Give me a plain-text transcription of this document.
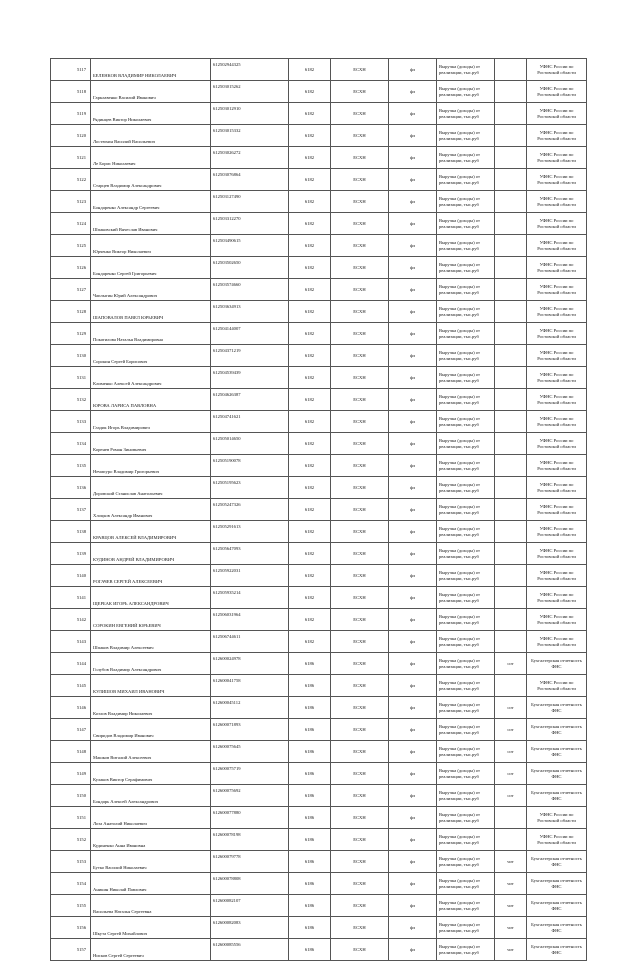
5117	БЕЛЕНКОВ ВЛАДИМИР НИКОЛАЕВИЧ	612502944325	6182	ЕСХН	фл	Выручка (доходы) от реализации, тыс.руб		УФНС России по Ростовской области
5118	Гарклавенко Василий Иванович	612503015262	6182	ЕСХН	фл	Выручка (доходы) от реализации, тыс.руб		УФНС России по Ростовской области
5119	Рядинцев Виктор Николаевич	612503012910	6182	ЕСХН	фл	Выручка (доходы) от реализации, тыс.руб		УФНС России по Ростовской области
5120	Лостюхин Василий Васильевич	612503015332	6182	ЕСХН	фл	Выручка (доходы) от реализации, тыс.руб		УФНС России по Ростовской области
5121	Ле Борис Николаевич	612503026272	6182	ЕСХН	фл	Выручка (доходы) от реализации, тыс.руб		УФНС России по Ростовской области
5122	Старцев Владимир Александрович	612503076864	6182	ЕСХН	фл	Выручка (доходы) от реализации, тыс.руб		УФНС России по Ростовской области
5123	Бондаренко Александр Сергеевич	612503127490	6182	ЕСХН	фл	Выручка (доходы) от реализации, тыс.руб		УФНС России по Ростовской области
5124	Шпаковский Вячеслав Иванович	612503312270	6182	ЕСХН	фл	Выручка (доходы) от реализации, тыс.руб		УФНС России по Ростовской области
5125	Юрченко Виктор Николаевич	612503490615	6182	ЕСХН	фл	Выручка (доходы) от реализации, тыс.руб		УФНС России по Ростовской области
5126	Бондаренко Сергей Григорьевич	612503502650	6182	ЕСХН	фл	Выручка (доходы) от реализации, тыс.руб		УФНС России по Ростовской области
5127	Чаплыгин Юрий Александрович	612503574660	6182	ЕСХН	фл	Выручка (доходы) от реализации, тыс.руб		УФНС России по Ростовской области
5128	ШАПОВАЛОВ ПАВЕЛ ЮРЬЕВИЧ	612503634913	6182	ЕСХН	фл	Выручка (доходы) от реализации, тыс.руб		УФНС России по Ростовской области
5129	Покатилова Наталья Владимировна	612504144007	6182	ЕСХН	фл	Выручка (доходы) от реализации, тыс.руб		УФНС России по Ростовской области
5130	Сорокин Сергей Борисович	612504371219	6182	ЕСХН	фл	Выручка (доходы) от реализации, тыс.руб		УФНС России по Ростовской области
5131	Клименко Алексей Александрович	612504539439	6182	ЕСХН	фл	Выручка (доходы) от реализации, тыс.руб		УФНС России по Ростовской области
5132	ЮРОВА ЛАРИСА ПАВЛОВНА	612504626387	6182	ЕСХН	фл	Выручка (доходы) от реализации, тыс.руб		УФНС России по Ростовской области
5133	Гладик Игорь Владимирович	612504741621	6182	ЕСХН	фл	Выручка (доходы) от реализации, тыс.руб		УФНС России по Ростовской области
5134	Коренев Роман Зиновьевич	612505014650	6182	ЕСХН	фл	Выручка (доходы) от реализации, тыс.руб		УФНС России по Ростовской области
5135	Нечипуро Владимир Григорьевич	612505190078	6182	ЕСХН	фл	Выручка (доходы) от реализации, тыс.руб		УФНС России по Ростовской области
5136	Доровский Станислав Анатольевич	612505195623	6182	ЕСХН	фл	Выручка (доходы) от реализации, тыс.руб		УФНС России по Ростовской области
5137	Хлоцков Александр Иванович	612505247326	6182	ЕСХН	фл	Выручка (доходы) от реализации, тыс.руб		УФНС России по Ростовской области
5138	КРАВЦОВ АЛЕКСЕЙ ВЛАДИМИРОВИЧ	612505291613	6182	ЕСХН	фл	Выручка (доходы) от реализации, тыс.руб		УФНС России по Ростовской области
5139	КУДИНОВ АНДРЕЙ ВЛАДИМИРОВИЧ	612505647093	6182	ЕСХН	фл	Выручка (доходы) от реализации, тыс.руб		УФНС России по Ростовской области
5140	РОГАЧЕВ СЕРГЕЙ АЛЕКСЕЕВИЧ	612505922031	6182	ЕСХН	фл	Выручка (доходы) от реализации, тыс.руб		УФНС России по Ростовской области
5141	ЩЕРБАК ИГОРЬ АЛЕКСАНДРОВИЧ	612505935214	6182	ЕСХН	фл	Выручка (доходы) от реализации, тыс.руб		УФНС России по Ростовской области
5142	СОРОКИН ЕВГЕНИЙ ЮРЬЕВИЧ	612506031964	6182	ЕСХН	фл	Выручка (доходы) от реализации, тыс.руб		УФНС России по Ростовской области
5143	Шпаков Владимир Алексеевич	612506744611	6182	ЕСХН	фл	Выручка (доходы) от реализации, тыс.руб		УФНС России по Ростовской области
5144	Голубов Владимир Александрович	612600024978	6186	ЕСХН	фл	Выручка (доходы) от реализации, тыс.руб	сот	Бухгалтерская отчетность ФНС
5145	КУЛИШОВ МИХАИЛ ИВАНОВИЧ	612600041758	6186	ЕСХН	фл	Выручка (доходы) от реализации, тыс.руб		УФНС России по Ростовской области
5146	Козлов Владимир Николаевич	612600045112	6186	ЕСХН	фл	Выручка (доходы) от реализации, тыс.руб	сот	Бухгалтерская отчетность ФНС
5147	Свиридов Владимир Иванович	612600071893	6186	ЕСХН	фл	Выручка (доходы) от реализации, тыс.руб	сот	Бухгалтерская отчетность ФНС
5148	Машков Виталий Алексеевич	612600075645	6186	ЕСХН	фл	Выручка (доходы) от реализации, тыс.руб	сот	Бухгалтерская отчетность ФНС
5149	Кулаков Виктор Серафимович	612600075719	6186	ЕСХН	фл	Выручка (доходы) от реализации, тыс.руб	сот	Бухгалтерская отчетность ФНС
5150	Бондарь Алексей Александрович	612600075692	6186	ЕСХН	фл	Выручка (доходы) от реализации, тыс.руб	сот	Бухгалтерская отчетность ФНС
5151	Лоза Анатолий Николаевич	612600077880	6186	ЕСХН	фл	Выручка (доходы) от реализации, тыс.руб		УФНС России по Ростовской области
5152	Кудиненко Анна Ивановна	612600078198	6186	ЕСХН	фл	Выручка (доходы) от реализации, тыс.руб		УФНС России по Ростовской области
5153	Бутко Василий Николаевич	612600079778	6186	ЕСХН	фл	Выручка (доходы) от реализации, тыс.руб	чот	Бухгалтерская отчетность ФНС
5154	Аникин Николай Павлович	612600078808	6186	ЕСХН	фл	Выручка (доходы) от реализации, тыс.руб	чот	Бухгалтерская отчетность ФНС
5155	Васильева Наталья Сергеевна	612600082107	6186	ЕСХН	фл	Выручка (доходы) от реализации, тыс.руб	чот	Бухгалтерская отчетность ФНС
5156	Шкута Сергей Михайлович	612600082083	6186	ЕСХН	фл	Выручка (доходы) от реализации, тыс.руб	чот	Бухгалтерская отчетность ФНС
5157	Нисков Сергей Сергеевич	612600085556	6186	ЕСХН	фл	Выручка (доходы) от реализации, тыс.руб	чот	Бухгалтерская отчетность ФНС
